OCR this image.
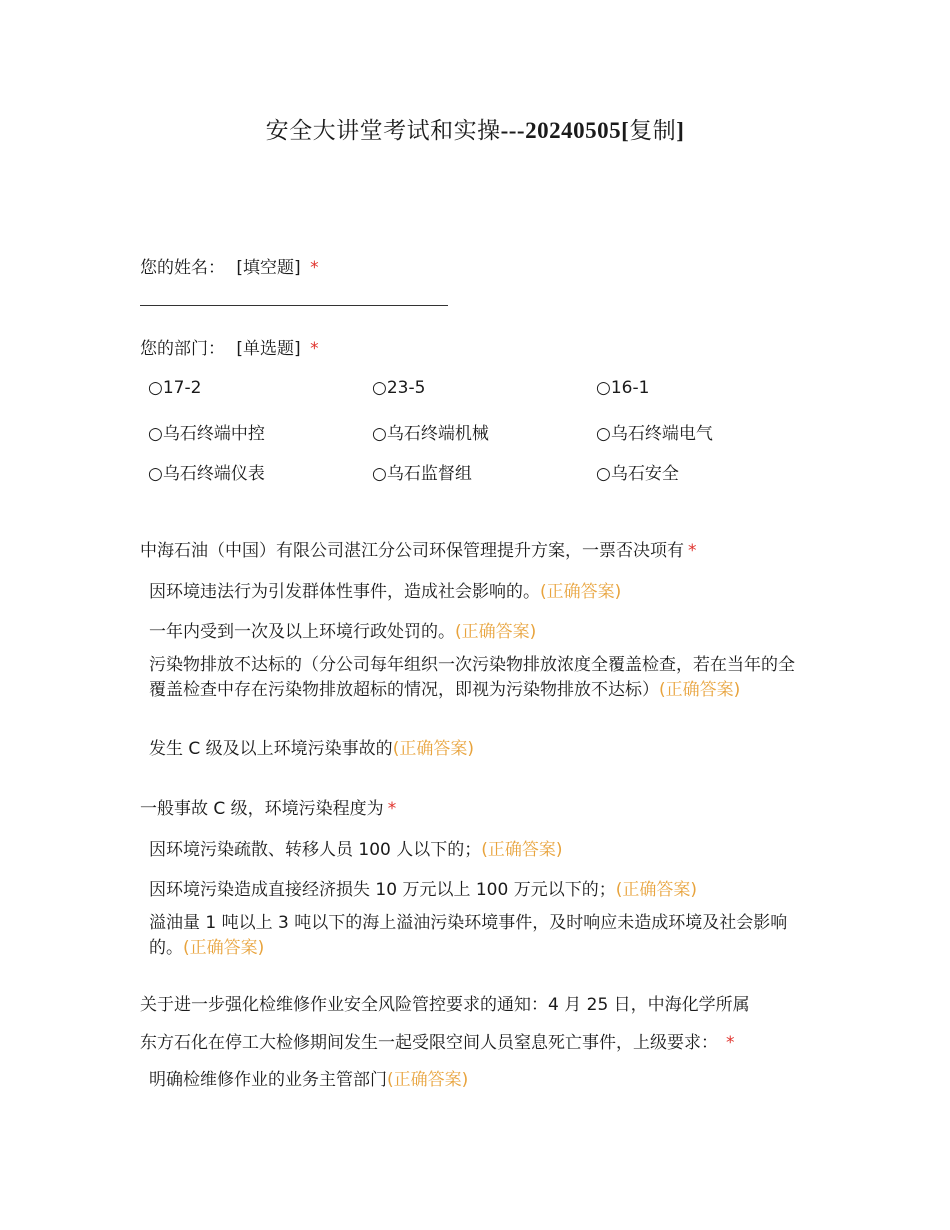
安全大讲堂考试和实操---20240505[复制]
您的姓名： [填空题] *
您的部门： [单选题] *
○17-2	○23-5	○16-1
○乌石终端中控	○乌石终端机械	○乌石终端电气
○乌石终端仪表	○乌石监督组	○乌石安全
中海石油（中国）有限公司湛江分公司环保管理提升方案，一票否决项有 *
因环境违法行为引发群体性事件，造成社会影响的。(正确答案)
一年内受到一次及以上环境行政处罚的。(正确答案)
污染物排放不达标的（分公司每年组织一次污染物排放浓度全覆盖检查，若在当年的全覆盖检查中存在污染物排放超标的情况，即视为污染物排放不达标）(正确答案)
发生 C 级及以上环境污染事故的(正确答案)
一般事故 C 级，环境污染程度为 *
因环境污染疏散、转移人员 100 人以下的；(正确答案)
因环境污染造成直接经济损失 10 万元以上 100 万元以下的；(正确答案)
溢油量 1 吨以上 3 吨以下的海上溢油污染环境事件，及时响应未造成环境及社会影响的。(正确答案)
关于进一步强化检维修作业安全风险管控要求的通知：4 月 25 日，中海化学所属
东方石化在停工大检修期间发生一起受限空间人员窒息死亡事件，上级要求： *
明确检维修作业的业务主管部门(正确答案)
